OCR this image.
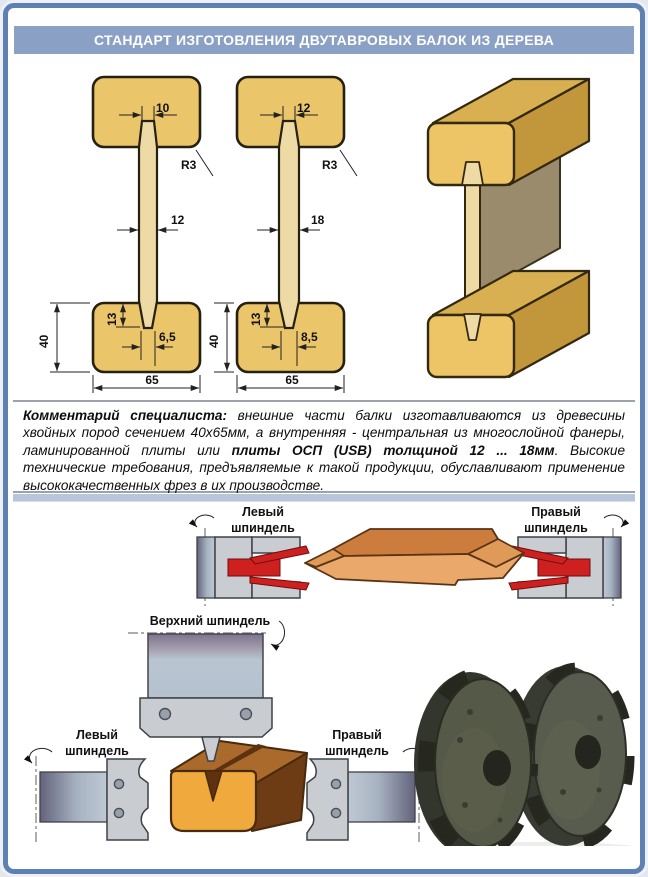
СТАНДАРТ ИЗГОТОВЛЕНИЯ ДВУТАВРОВЫХ БАЛОК ИЗ ДЕРЕВА
10
R3
12
13
6,5
40
65
12
R3
18
13
8,5
40
65
Комментарий специалиста: внешние части балки изготавливаются из древесины хвойных пород сечением 40х65мм, а внутренняя - центральная из многослойной фанеры, ламинированной плиты или плиты ОСП (USB) толщиной 12 ... 18мм. Высокие технические требования, предъявляемые к такой продукции, обуславливают применение высококачественных фрез в их производстве.
Левый
шпиндель
Правый
шпиндель
Верхний шпиндель
Левый
шпиндель
Правый
шпиндель
